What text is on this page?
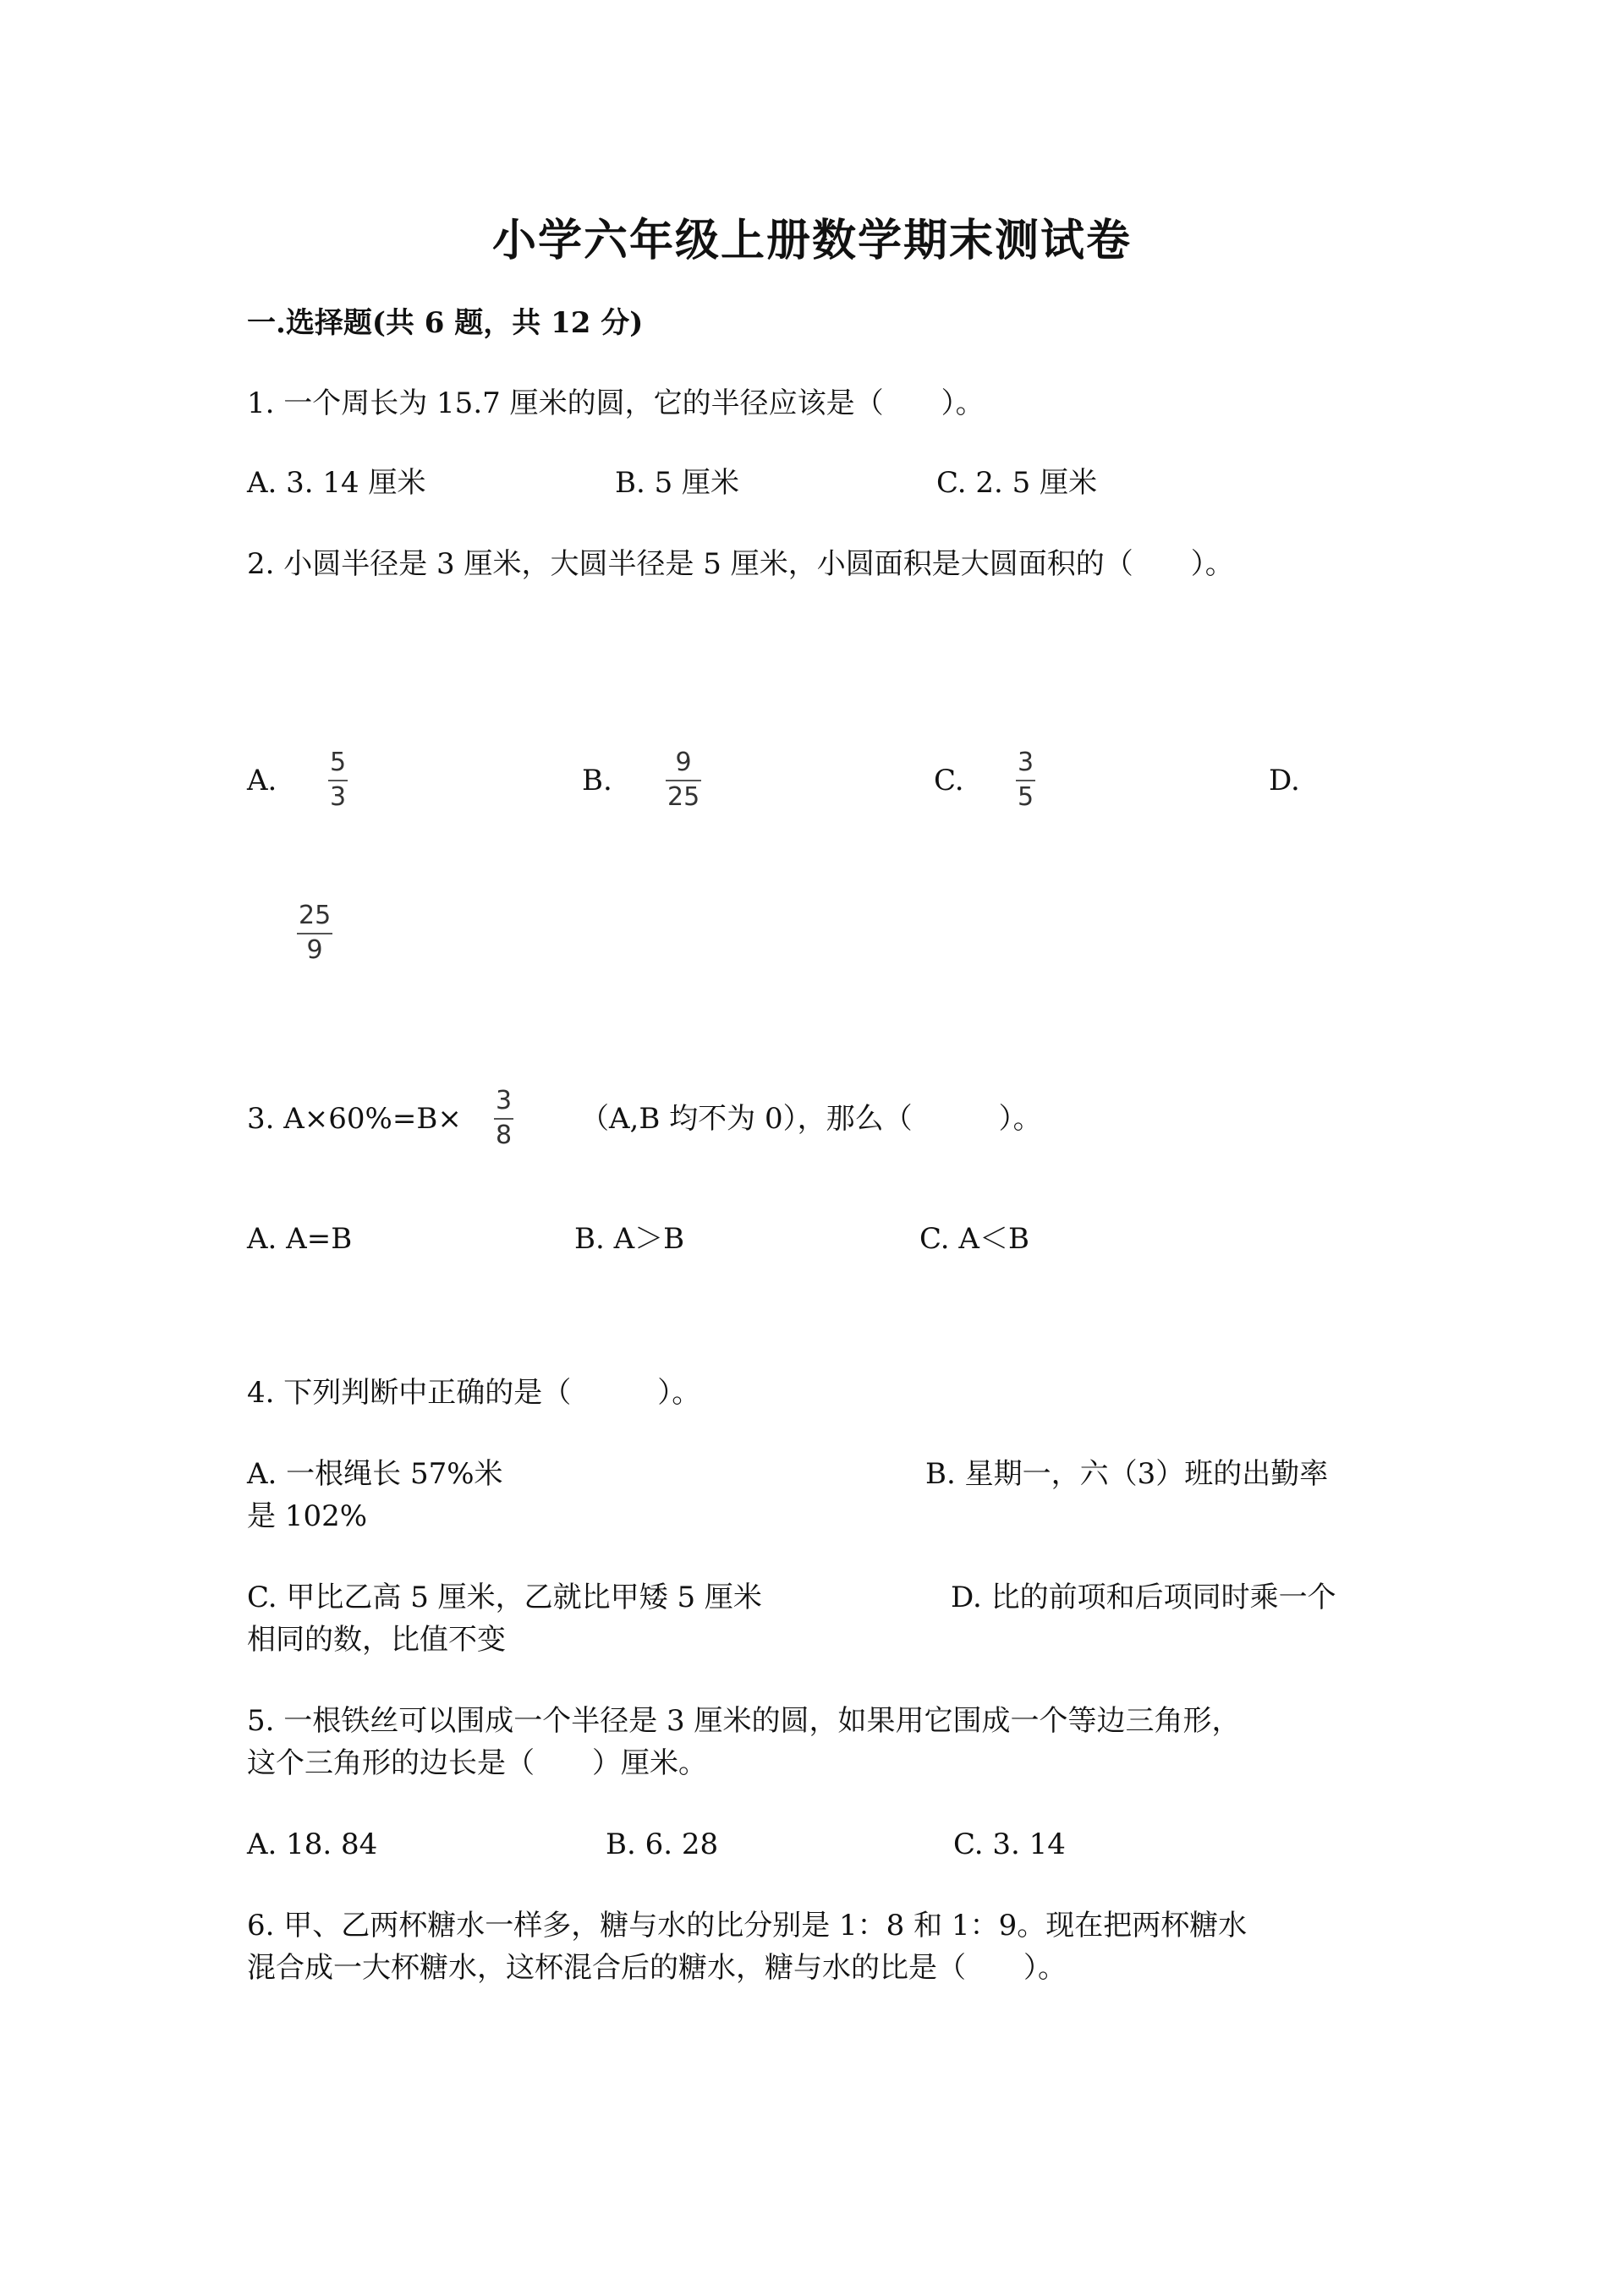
小学六年级上册数学期末测试卷
一.选择题(共 6 题，共 12 分)
1. 一个周长为 15.7 厘米的圆，它的半径应该是（　　）。
A. 3. 14 厘米	B. 5 厘米	C. 2. 5 厘米
2. 小圆半径是 3 厘米，大圆半径是 5 厘米，小圆面积是大圆面积的（　　）。
A.
5
3	B.
9
25	C.
3
5	D.
25
9
3. A×60%=B×
3
8 （A,B 均不为 0），那么（　　　）。
A. A=B	B. A＞B	C. A＜B
4. 下列判断中正确的是（　　　）。
A. 一根绳长 57%米	B. 星期一，六（3）班的出勤率
是 102%
C. 甲比乙高 5 厘米，乙就比甲矮 5 厘米	D. 比的前项和后项同时乘一个
相同的数，比值不变
5. 一根铁丝可以围成一个半径是 3 厘米的圆，如果用它围成一个等边三角形，
这个三角形的边长是（　　）厘米。
A. 18. 84	B. 6. 28	C. 3. 14
6. 甲、乙两杯糖水一样多，糖与水的比分别是 1：8 和 1：9。现在把两杯糖水
混合成一大杯糖水，这杯混合后的糖水，糖与水的比是（　　）。
